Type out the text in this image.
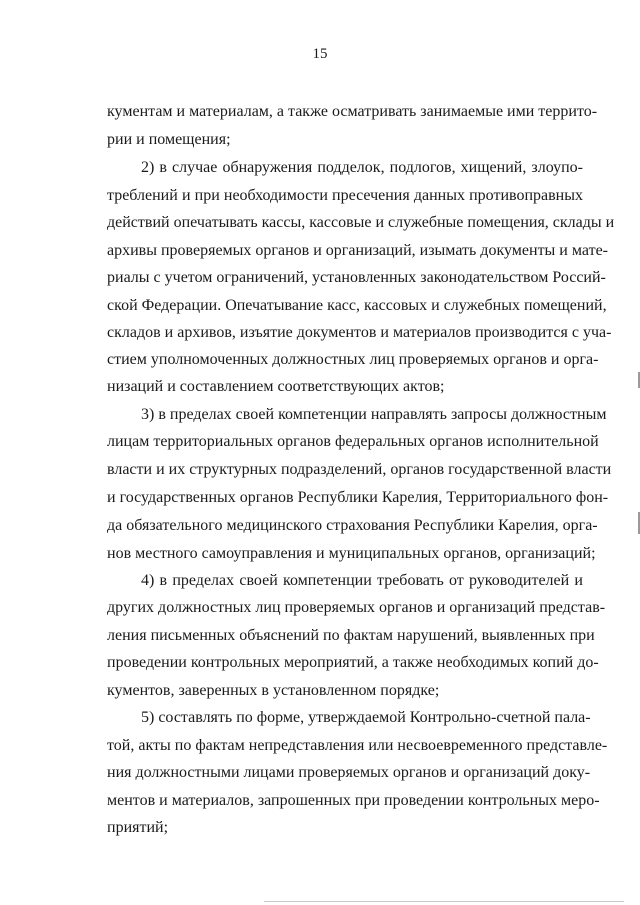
15
кументам и материалам, а также осматривать занимаемые ими террито-
рии и помещения;
2) в случае обнаружения подделок, подлогов, хищений, злоупо-
треблений и при необходимости пресечения данных противоправных
действий опечатывать кассы, кассовые и служебные помещения, склады и
архивы проверяемых органов и организаций, изымать документы и мате-
риалы с учетом ограничений, установленных законодательством Россий-
ской Федерации. Опечатывание касс, кассовых и служебных помещений,
складов и архивов, изъятие документов и материалов производится с уча-
стием уполномоченных должностных лиц проверяемых органов и орга-
низаций и составлением соответствующих актов;
3) в пределах своей компетенции направлять запросы должностным
лицам территориальных органов федеральных органов исполнительной
власти и их структурных подразделений, органов государственной власти
и государственных органов Республики Карелия, Территориального фон-
да обязательного медицинского страхования Республики Карелия, орга-
нов местного самоуправления и муниципальных органов, организаций;
4) в пределах своей компетенции требовать от руководителей и
других должностных лиц проверяемых органов и организаций представ-
ления письменных объяснений по фактам нарушений, выявленных при
проведении контрольных мероприятий, а также необходимых копий до-
кументов, заверенных в установленном порядке;
5) составлять по форме, утверждаемой Контрольно-счетной пала-
той, акты по фактам непредставления или несвоевременного представле-
ния должностными лицами проверяемых органов и организаций доку-
ментов и материалов, запрошенных при проведении контрольных меро-
приятий;
